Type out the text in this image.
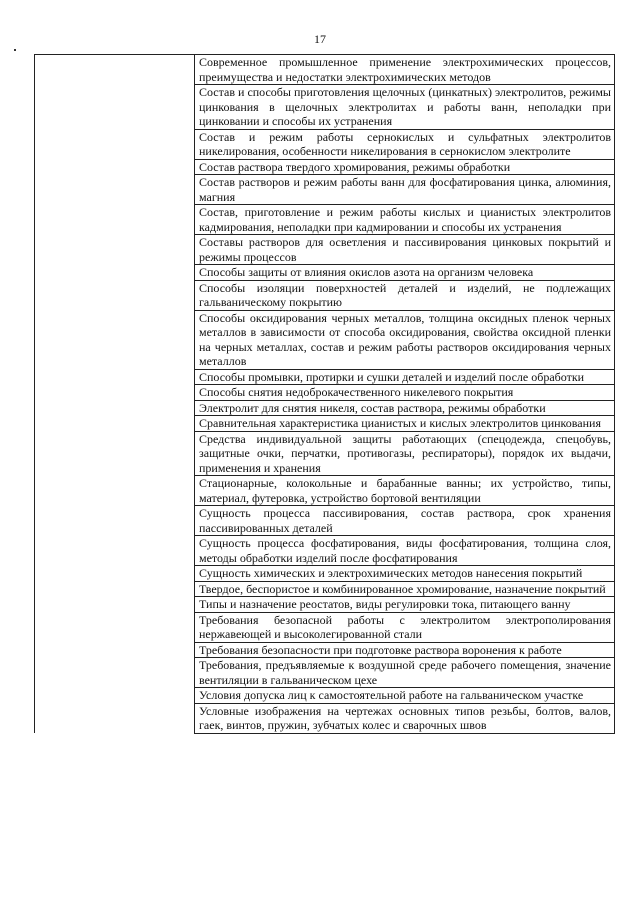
17
	Современное промышленное применение электрохимических процессов, преимущества и недостатки электрохимических методов
Состав и способы приготовления щелочных (цинкатных) электролитов, режимы цинкования в щелочных электролитах и работы ванн, неполадки при цинковании и способы их устранения
Состав и режим работы сернокислых и сульфатных электролитов никелирования, особенности никелирования в сернокислом электролите
Состав раствора твердого хромирования, режимы обработки
Состав растворов и режим работы ванн для фосфатирования цинка, алюминия, магния
Состав, приготовление и режим работы кислых и цианистых электролитов кадмирования, неполадки при кадмировании и способы их устранения
Составы растворов для осветления и пассивирования цинковых покрытий и режимы процессов
Способы защиты от влияния окислов азота на организм человека
Способы изоляции поверхностей деталей и изделий, не подлежащих гальваническому покрытию
Способы оксидирования черных металлов, толщина оксидных пленок черных металлов в зависимости от способа оксидирования, свойства оксидной пленки на черных металлах, состав и режим работы растворов оксидирования черных металлов
Способы промывки, протирки и сушки деталей и изделий после обработки
Способы снятия недоброкачественного никелевого покрытия
Электролит для снятия никеля, состав раствора, режимы обработки
Сравнительная характеристика цианистых и кислых электролитов цинкования
Средства индивидуальной защиты работающих (спецодежда, спецобувь, защитные очки, перчатки, противогазы, респираторы), порядок их выдачи, применения и хранения
Стационарные, колокольные и барабанные ванны; их устройство, типы, материал, футеровка, устройство бортовой вентиляции
Сущность процесса пассивирования, состав раствора, срок хранения пассивированных деталей
Сущность процесса фосфатирования, виды фосфатирования, толщина слоя, методы обработки изделий после фосфатирования
Сущность химических и электрохимических методов нанесения покрытий
Твердое, беспористое и комбинированное хромирование, назначение покрытий
Типы и назначение реостатов, виды регулировки тока, питающего ванну
Требования безопасной работы с электролитом электрополирования нержавеющей и высоколегированной стали
Требования безопасности при подготовке раствора воронения к работе
Требования, предъявляемые к воздушной среде рабочего помещения, значение вентиляции в гальваническом цехе
Условия допуска лиц к самостоятельной работе на гальваническом участке
Условные изображения на чертежах основных типов резьбы, болтов, валов, гаек, винтов, пружин, зубчатых колес и сварочных швов
